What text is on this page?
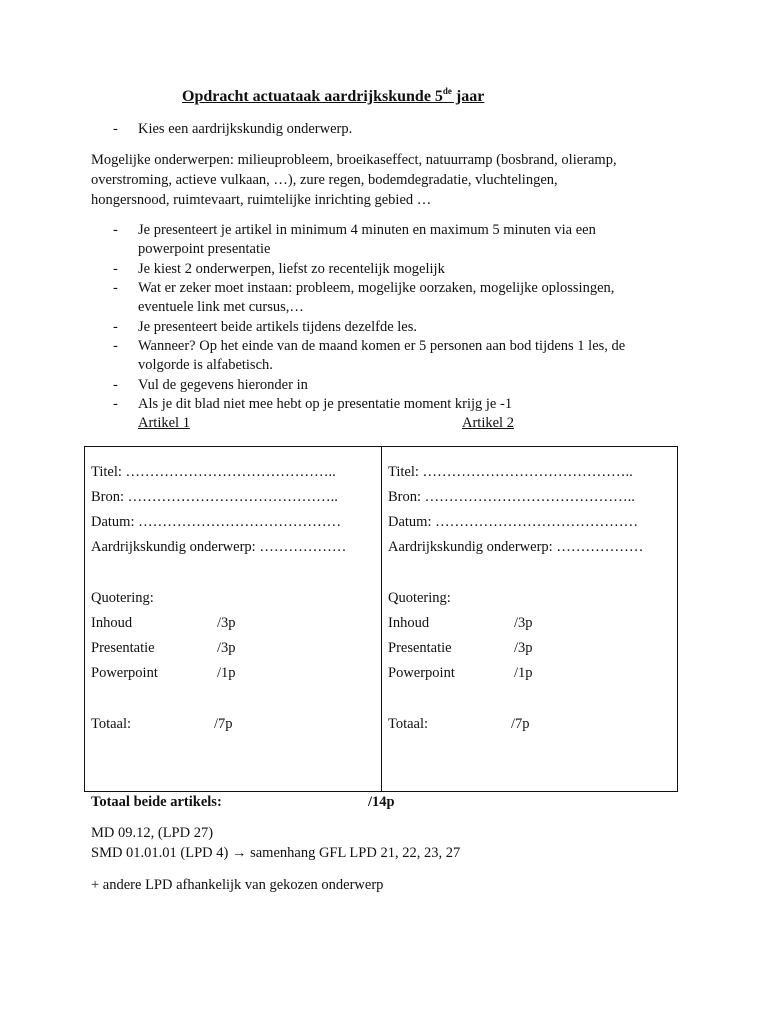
Opdracht actuataak aardrijkskunde 5de jaar
- Kies een aardrijkskundig onderwerp.
Mogelijke onderwerpen: milieuprobleem, broeikaseffect, natuurramp (bosbrand, olieramp,
overstroming, actieve vulkaan, …), zure regen, bodemdegradatie, vluchtelingen,
hongersnood, ruimtevaart, ruimtelijke inrichting gebied …
- Je presenteert je artikel in minimum 4 minuten en maximum 5 minuten via een
powerpoint presentatie
- Je kiest 2 onderwerpen, liefst zo recentelijk mogelijk
- Wat er zeker moet instaan: probleem, mogelijke oorzaken, mogelijke oplossingen,
eventuele link met cursus,…
- Je presenteert beide artikels tijdens dezelfde les.
- Wanneer? Op het einde van de maand komen er 5 personen aan bod tijdens 1 les, de
volgorde is alfabetisch.
- Vul de gegevens hieronder in
- Als je dit blad niet mee hebt op je presentatie moment krijg je -1
Artikel 1	Artikel 2
Titel: ……………………………………..
Bron: ……………………………………..
Datum: ……………………………………
Aardrijkskundig onderwerp: ………………
Quotering:
Inhoud	/3p
Presentatie	/3p
Powerpoint	/1p
Totaal:	/7p
Titel: ……………………………………..
Bron: ……………………………………..
Datum: ……………………………………
Aardrijkskundig onderwerp: ………………
Quotering:
Inhoud	/3p
Presentatie	/3p
Powerpoint	/1p
Totaal:	/7p
Totaal beide artikels:	/14p
MD 09.12, (LPD 27)
SMD 01.01.01 (LPD 4) → samenhang GFL LPD 21, 22, 23, 27
+ andere LPD afhankelijk van gekozen onderwerp
